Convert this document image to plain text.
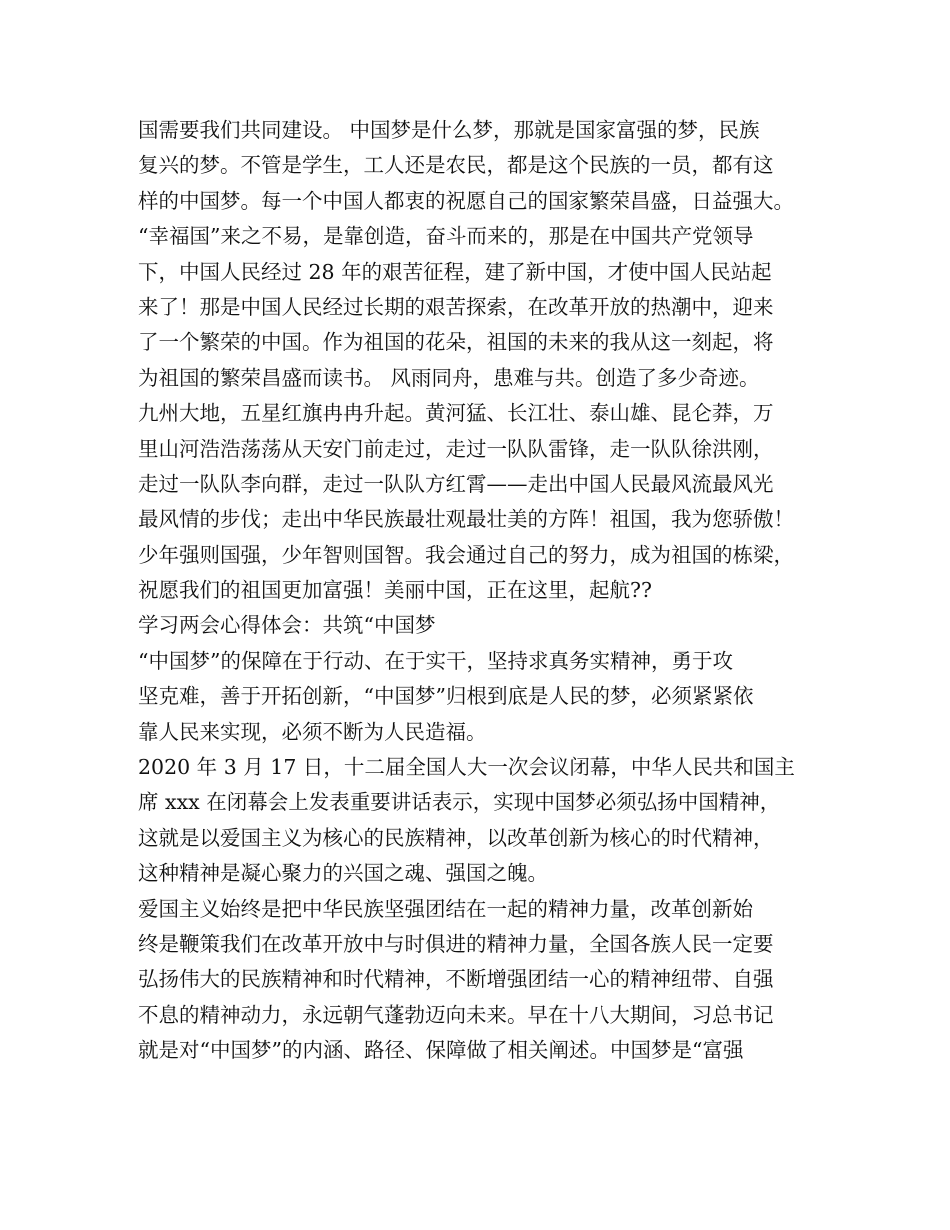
国需要我们共同建设。 中国梦是什么梦，那就是国家富强的梦，民族
复兴的梦。不管是学生，工人还是农民，都是这个民族的一员，都有这
样的中国梦。每一个中国人都衷的祝愿自己的国家繁荣昌盛，日益强大。
“幸福国”来之不易，是靠创造，奋斗而来的，那是在中国共产党领导
下，中国人民经过 28 年的艰苦征程，建了新中国，才使中国人民站起
来了！那是中国人民经过长期的艰苦探索，在改革开放的热潮中，迎来
了一个繁荣的中国。作为祖国的花朵，祖国的未来的我从这一刻起，将
为祖国的繁荣昌盛而读书。 风雨同舟，患难与共。创造了多少奇迹。
九州大地，五星红旗冉冉升起。黄河猛、长江壮、泰山雄、昆仑莽，万
里山河浩浩荡荡从天安门前走过，走过一队队雷锋，走一队队徐洪刚，
走过一队队李向群，走过一队队方红霄——走出中国人民最风流最风光
最风情的步伐；走出中华民族最壮观最壮美的方阵！祖国，我为您骄傲！
少年强则国强，少年智则国智。我会通过自己的努力，成为祖国的栋梁，
祝愿我们的祖国更加富强！美丽中国，正在这里，起航??
学习两会心得体会：共筑“中国梦
“中国梦”的保障在于行动、在于实干，坚持求真务实精神，勇于攻
坚克难，善于开拓创新，“中国梦”归根到底是人民的梦，必须紧紧依
靠人民来实现，必须不断为人民造福。
2020 年 3 月 17 日，十二届全国人大一次会议闭幕，中华人民共和国主
席 xxx 在闭幕会上发表重要讲话表示，实现中国梦必须弘扬中国精神，
这就是以爱国主义为核心的民族精神，以改革创新为核心的时代精神，
这种精神是凝心聚力的兴国之魂、强国之魄。
爱国主义始终是把中华民族坚强团结在一起的精神力量，改革创新始
终是鞭策我们在改革开放中与时俱进的精神力量，全国各族人民一定要
弘扬伟大的民族精神和时代精神，不断增强团结一心的精神纽带、自强
不息的精神动力，永远朝气蓬勃迈向未来。早在十八大期间，习总书记
就是对“中国梦”的内涵、路径、保障做了相关阐述。中国梦是“富强
